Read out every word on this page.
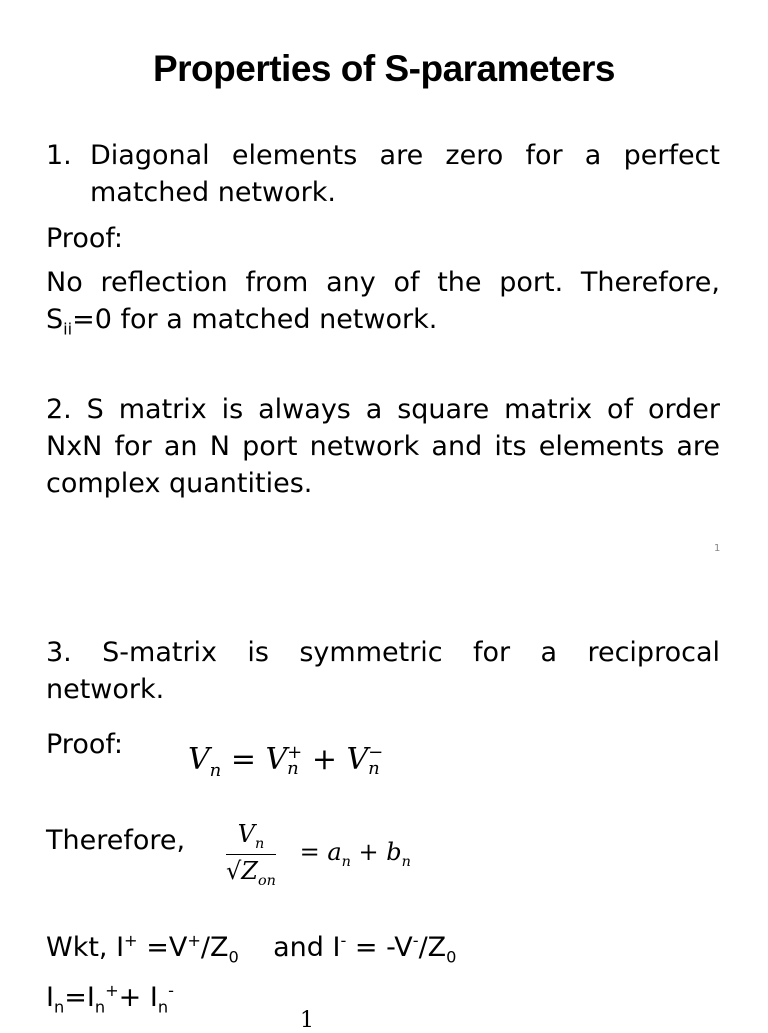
Properties of S-parameters
1. Diagonal elements are zero for a perfect
matched network.
Proof:
No reflection from any of the port. Therefore,
$S_{ii}=0$ for a matched network.
2. S matrix is always a square matrix of order
NxN for an N port network and its elements are
complex quantities.
1
3. S-matrix is symmetric for a reciprocal
network.
Proof:	$V_n = V$ +
n + V −
n
Therefore,	$\frac{V_n}{√Z_{on}} = a_n + b_n$
Wkt, $I^+ =V^+/Z_0$    and $I^- = -V^-/Z_0$
$I_n=I_n^++ I_n^-$
1
